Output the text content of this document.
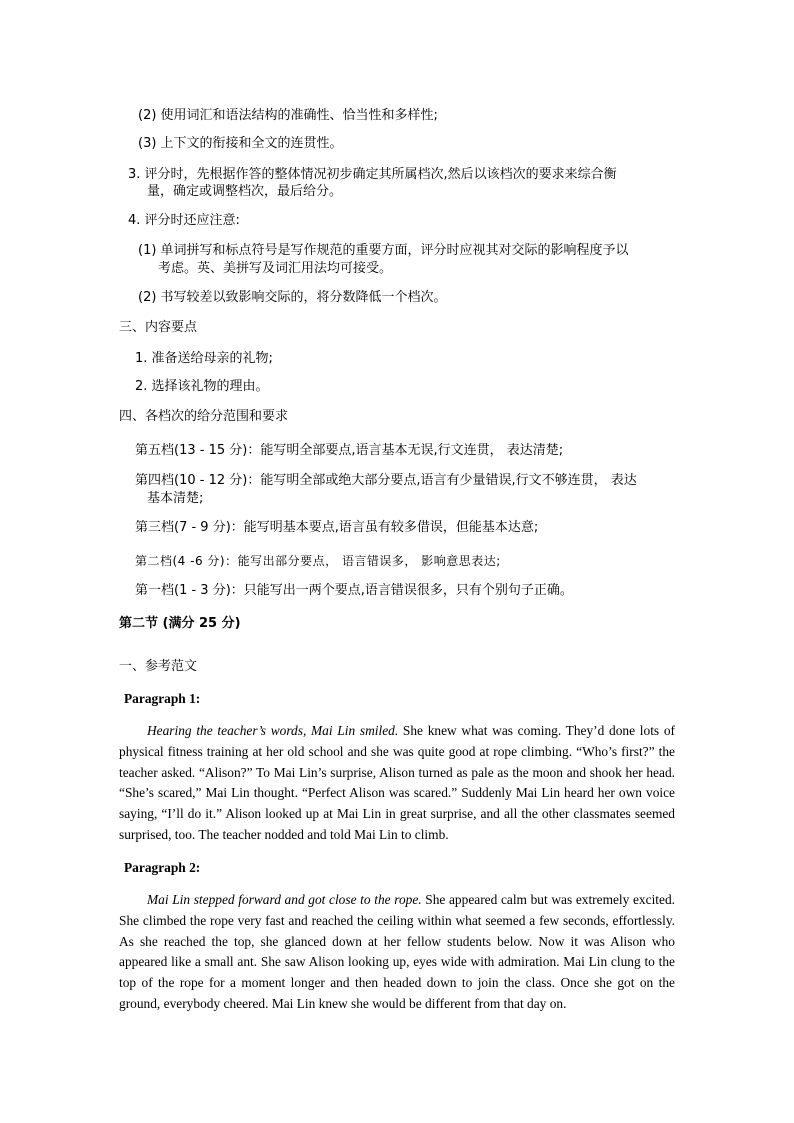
(2) 使用词汇和语法结构的准确性、恰当性和多样性;
(3) 上下文的衔接和全文的连贯性。
3. 评分时，先根据作答的整体情况初步确定其所属档次,然后以该档次的要求来综合衡
量，确定或调整档次，最后给分。
4. 评分时还应注意:
(1) 单词拼写和标点符号是写作规范的重要方面，评分时应视其对交际的影响程度予以
考虑。英、美拼写及词汇用法均可接受。
(2) 书写较差以致影响交际的，将分数降低一个档次。
三、内容要点
1. 准备送给母亲的礼物;
2. 选择该礼物的理由。
四、各档次的给分范围和要求
第五档(13 - 15 分)：能写明全部要点,语言基本无误,行文连贯， 表达清楚;
第四档(10 - 12 分)：能写明全部或绝大部分要点,语言有少量错误,行文不够连贯， 表达
基本清楚;
第三档(7 - 9 分)：能写明基本要点,语言虽有较多借误，但能基本达意;
第二档(4 -6 分)：能写出部分要点， 语言错误多， 影响意思表达;
第一档(1 - 3 分)：只能写出一两个要点,语言错误很多，只有个别句子正确。
第二节 (满分 25 分)
一、参考范文
Paragraph 1:
Hearing the teacher’s words, Mai Lin smiled. She knew what was coming. They’d done lots of physical fitness training at her old school and she was quite good at rope climbing. “Who’s first?” the teacher asked. “Alison?” To Mai Lin’s surprise, Alison turned as pale as the moon and shook her head. “She’s scared,” Mai Lin thought. “Perfect Alison was scared.” Suddenly Mai Lin heard her own voice saying, “I’ll do it.” Alison looked up at Mai Lin in great surprise, and all the other classmates seemed surprised, too. The teacher nodded and told Mai Lin to climb.
Paragraph 2:
Mai Lin stepped forward and got close to the rope. She appeared calm but was extremely excited. She climbed the rope very fast and reached the ceiling within what seemed a few seconds, effortlessly. As she reached the top, she glanced down at her fellow students below. Now it was Alison who appeared like a small ant. She saw Alison looking up, eyes wide with admiration. Mai Lin clung to the top of the rope for a moment longer and then headed down to join the class. Once she got on the ground, everybody cheered. Mai Lin knew she would be different from that day on.
